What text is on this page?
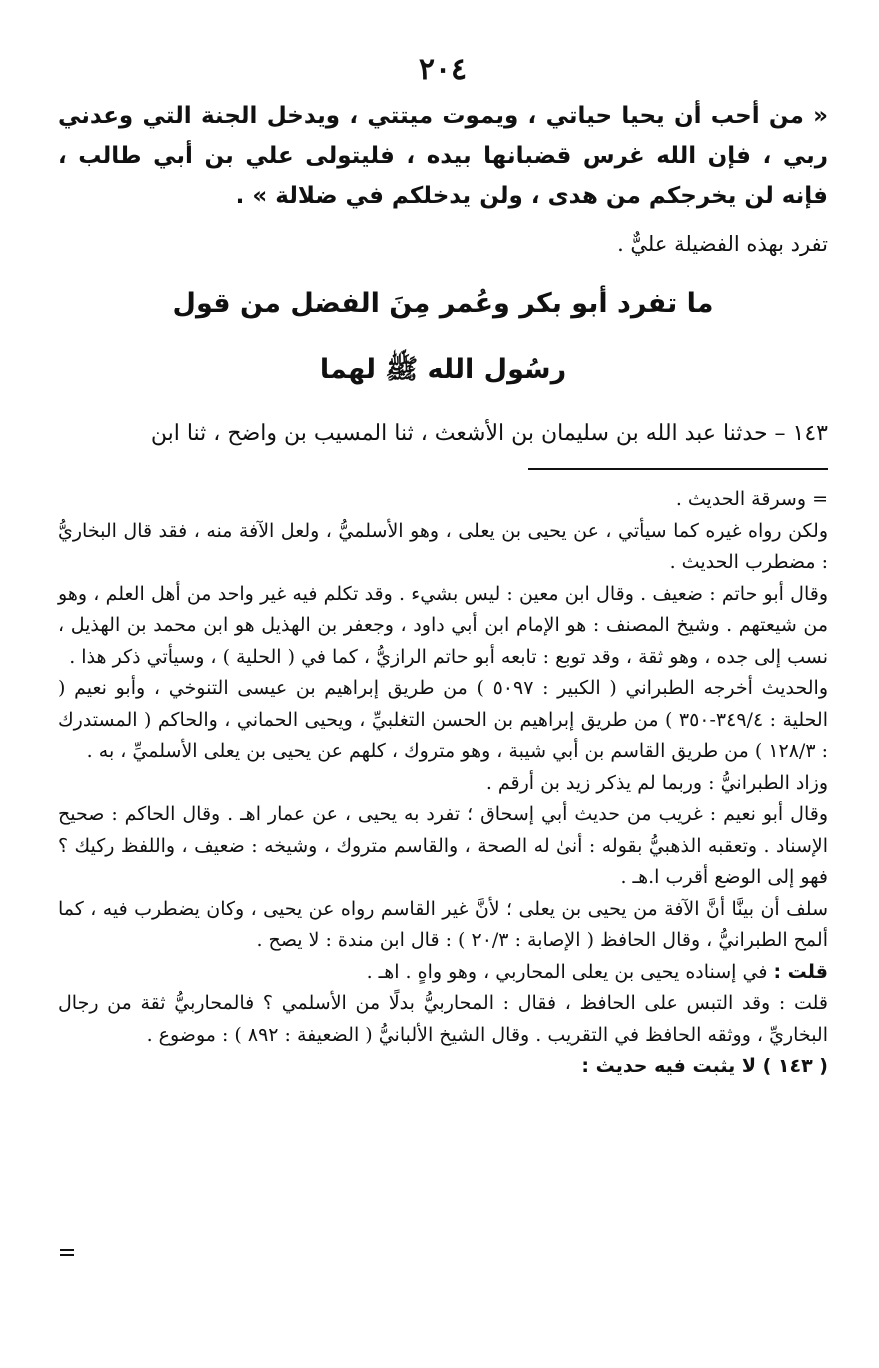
٢٠٤

« من أحب أن يحيا حياتي ، ويموت ميتتي ، ويدخل الجنة التي وعدني ربي ، فإن الله غرس قضبانها بيده ، فليتولى علي بن أبي طالب ، فإنه لن يخرجكم من هدى ، ولن يدخلكم في ضلالة » .

تفرد بهذه الفضيلة عليٌّ .

ما تفرد أبو بكر وعُمر مِنَ الفضل من قول
رسُول الله ﷺ لهما

١٤٣ – حدثنا عبد الله بن سليمان بن الأشعث ، ثنا المسيب بن واضح ، ثنا ابن

= وسرقة الحديث .

ولكن رواه غيره كما سيأتي ، عن يحيى بن يعلى ، وهو الأسلميُّ ، ولعل الآفة منه ، فقد قال البخاريُّ : مضطرب الحديث .

وقال أبو حاتم : ضعيف . وقال ابن معين : ليس بشيء . وقد تكلم فيه غير واحد من أهل العلم ، وهو من شيعتهم . وشيخ المصنف : هو الإمام ابن أبي داود ، وجعفر بن الهذيل هو ابن محمد بن الهذيل ، نسب إلى جده ، وهو ثقة ، وقد توبع : تابعه أبو حاتم الرازيُّ ، كما في ( الحلية ) ، وسيأتي ذكر هذا .

والحديث أخرجه الطبراني ( الكبير : ٥٠٩٧ ) من طريق إبراهيم بن عيسى التنوخي ، وأبو نعيم ( الحلية : ٣٤٩/٤-٣٥٠ ) من طريق إبراهيم بن الحسن التغلبيِّ ، ويحيى الحماني ، والحاكم ( المستدرك : ١٢٨/٣ ) من طريق القاسم بن أبي شيبة ، وهو متروك ، كلهم عن يحيى بن يعلى الأسلميِّ ، به .

وزاد الطبرانيُّ : وربما لم يذكر زيد بن أرقم .

وقال أبو نعيم : غريب من حديث أبي إسحاق ؛ تفرد به يحيى ، عن عمار اهـ . وقال الحاكم : صحيح الإسناد . وتعقبه الذهبيُّ بقوله : أنىٰ له الصحة ، والقاسم متروك ، وشيخه : ضعيف ، واللفظ ركيك ؟ فهو إلى الوضع أقرب ا.هـ .

سلف أن بينَّا أنَّ الآفة من يحيى بن يعلى ؛ لأنَّ غير القاسم رواه عن يحيى ، وكان يضطرب فيه ، كما ألمح الطبرانيُّ ، وقال الحافظ ( الإصابة : ٢٠/٣ ) : قال ابن مندة : لا يصح .

قلت : في إسناده يحيى بن يعلى المحاربي ، وهو واهٍ . اهـ .

قلت : وقد التبس على الحافظ ، فقال : المحاربيُّ بدلًا من الأسلمي ؟ فالمحاربيُّ ثقة من رجال البخاريِّ ، ووثقه الحافظ في التقريب . وقال الشيخ الألبانيُّ ( الضعيفة : ٨٩٢ ) : موضوع .

( ١٤٣ ) لا يثبت فيه حديث :
